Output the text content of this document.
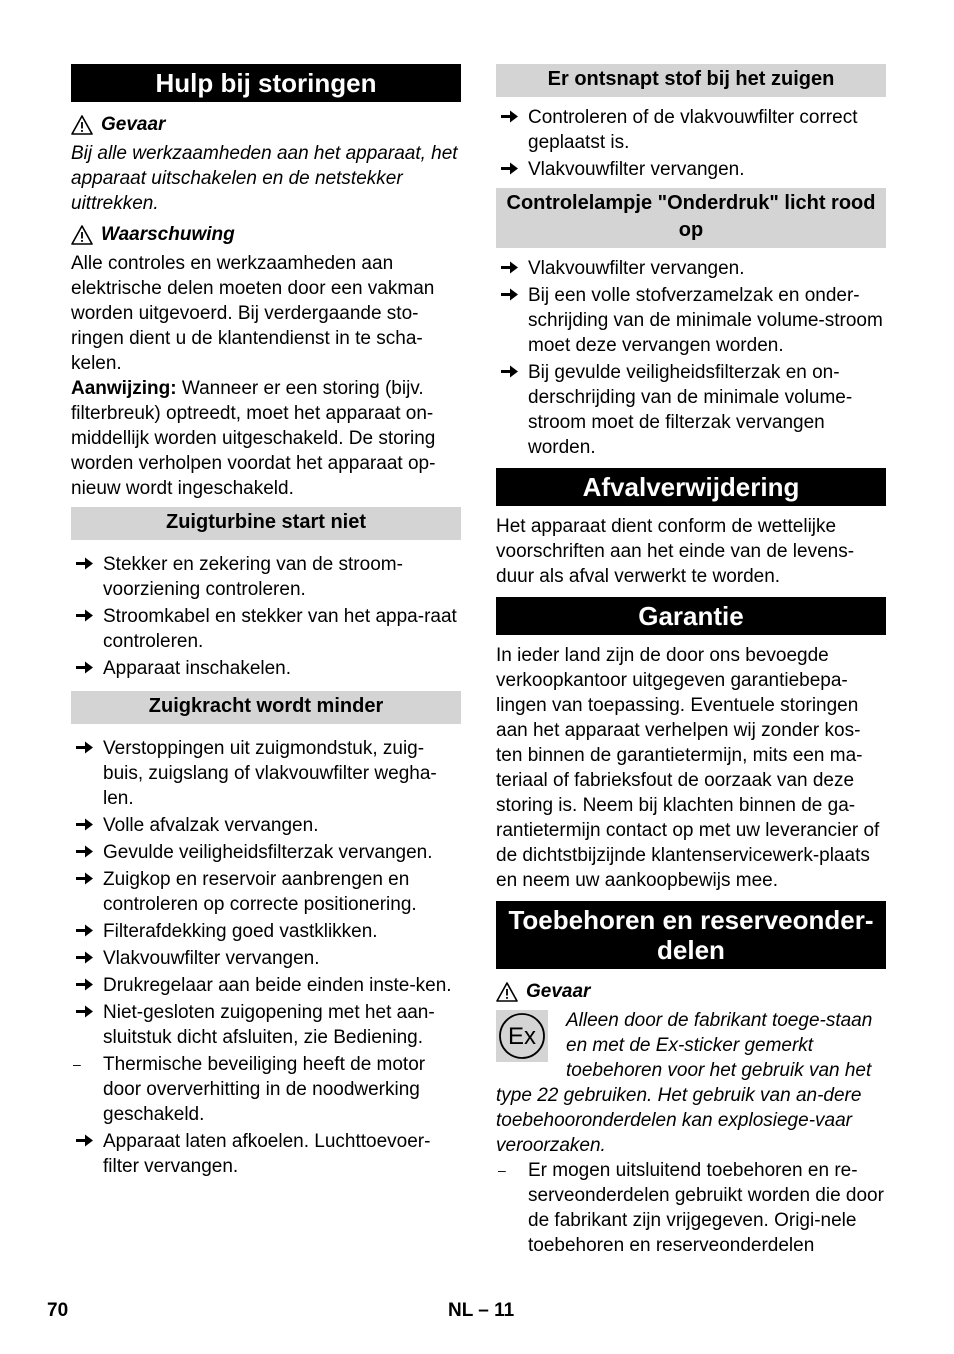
Hulp bij storingen
Gevaar

Bij alle werkzaamheden aan het apparaat, het apparaat uitschakelen en de netstekker uittrekken.

Waarschuwing

Alle controles en werkzaamheden aan elektrische delen moeten door een vakman worden uitgevoerd. Bij verdergaande sto-ringen dient u de klantendienst in te scha-kelen.

Aanwijzing: Wanneer er een storing (bijv. filterbreuk) optreedt, moet het apparaat on-middellijk worden uitgeschakeld. De storing worden verholpen voordat het apparaat op-nieuw wordt ingeschakeld.

Zuigturbine start niet
Stekker en zekering van de stroom-voorziening controleren.
Stroomkabel en stekker van het appa-raat controleren.
Apparaat inschakelen.
Zuigkracht wordt minder
Verstoppingen uit zuigmondstuk, zuig-buis, zuigslang of vlakvouwfilter wegha-len.
Volle afvalzak vervangen.
Gevulde veiligheidsfilterzak vervangen.
Zuigkop en reservoir aanbrengen en controleren op correcte positionering.
Filterafdekking goed vastklikken.
Vlakvouwfilter vervangen.
Drukregelaar aan beide einden inste-ken.
Niet-gesloten zuigopening met het aan-sluitstuk dicht afsluiten, zie Bediening.
–	Thermische beveiliging heeft de motor door oververhitting in de noodwerking geschakeld.
Apparaat laten afkoelen. Luchttoevoer-filter vervangen.
Er ontsnapt stof bij het zuigen
Controleren of de vlakvouwfilter correct geplaatst is.
Vlakvouwfilter vervangen.
Controlelampje "Onderdruk" licht rood op
Vlakvouwfilter vervangen.
Bij een volle stofverzamelzak en onder-schrijding van de minimale volume-stroom moet deze vervangen worden.
Bij gevulde veiligheidsfilterzak en on-derschrijding van de minimale volume-stroom moet de filterzak vervangen worden.
Afvalverwijdering

Het apparaat dient conform de wettelijke voorschriften aan het einde van de levens-duur als afval verwerkt te worden.

Garantie

In ieder land zijn de door ons bevoegde verkoopkantoor uitgegeven garantiebepa-lingen van toepassing. Eventuele storingen aan het apparaat verhelpen wij zonder kos-ten binnen de garantietermijn, mits een ma-teriaal of fabrieksfout de oorzaak van deze storing is. Neem bij klachten binnen de ga-rantietermijn contact op met uw leverancier of de dichtstbijzijnde klantenservicewerk-plaats en neem uw aankoopbewijs mee.

Toebehoren en reserveonder-delen
Gevaar
Ex

Alleen door de fabrikant toege-staan en met de Ex-sticker gemerkt toebehoren voor het gebruik van het type 22 gebruiken. Het gebruik van an-dere toebehooronderdelen kan explosiege-vaar veroorzaken.

–	Er mogen uitsluitend toebehoren en re-serveonderdelen gebruikt worden die door de fabrikant zijn vrijgegeven. Origi-nele toebehoren en reserveonderdelen
70	NL – 11
